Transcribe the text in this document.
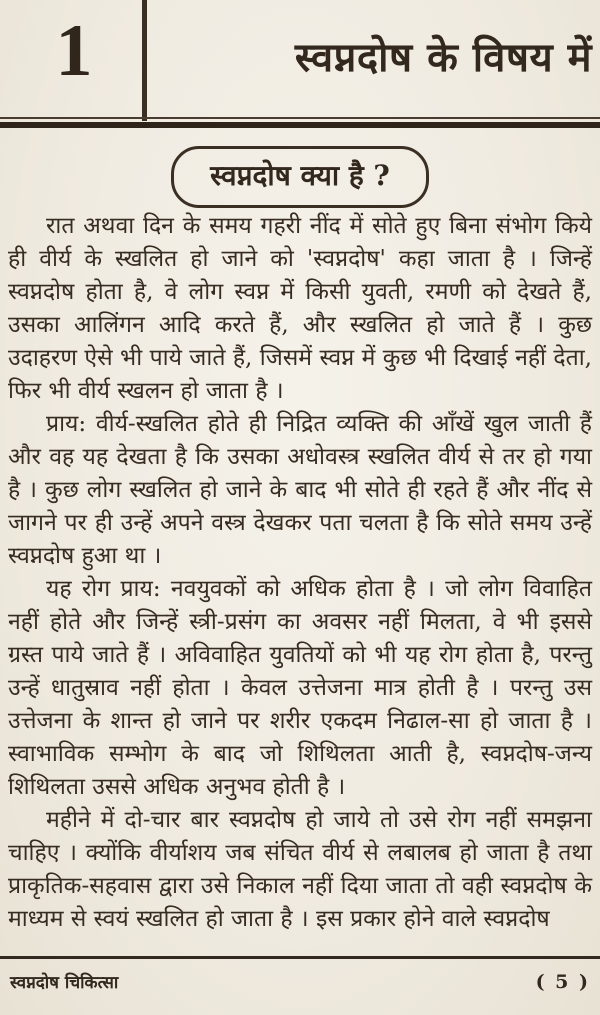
1	स्वप्नदोष के विषय में
स्वप्नदोष क्या है ?

रात अथवा दिन के समय गहरी नींद में सोते हुए बिना संभोग किये ही वीर्य के स्खलित हो जाने को 'स्वप्नदोष' कहा जाता है । जिन्हें स्वप्नदोष होता है, वे लोग स्वप्न में किसी युवती, रमणी को देखते हैं, उसका आलिंगन आदि करते हैं, और स्खलित हो जाते हैं । कुछ उदाहरण ऐसे भी पाये जाते हैं, जिसमें स्वप्न में कुछ भी दिखाई नहीं देता, फिर भी वीर्य स्खलन हो जाता है ।

प्राय: वीर्य-स्खलित होते ही निद्रित व्यक्ति की आँखें खुल जाती हैं और वह यह देखता है कि उसका अधोवस्त्र स्खलित वीर्य से तर हो गया है । कुछ लोग स्खलित हो जाने के बाद भी सोते ही रहते हैं और नींद से जागने पर ही उन्हें अपने वस्त्र देखकर पता चलता है कि सोते समय उन्हें स्वप्नदोष हुआ था ।

यह रोग प्राय: नवयुवकों को अधिक होता है । जो लोग विवाहित नहीं होते और जिन्हें स्त्री-प्रसंग का अवसर नहीं मिलता, वे भी इससे ग्रस्त पाये जाते हैं । अविवाहित युवतियों को भी यह रोग होता है, परन्तु उन्हें धातुस्राव नहीं होता । केवल उत्तेजना मात्र होती है । परन्तु उस उत्तेजना के शान्त हो जाने पर शरीर एकदम निढाल-सा हो जाता है । स्वाभाविक सम्भोग के बाद जो शिथिलता आती है, स्वप्नदोष-जन्य शिथिलता उससे अधिक अनुभव होती है ।

महीने में दो-चार बार स्वप्नदोष हो जाये तो उसे रोग नहीं समझना चाहिए । क्योंकि वीर्याशय जब संचित वीर्य से लबालब हो जाता है तथा प्राकृतिक-सहवास द्वारा उसे निकाल नहीं दिया जाता तो वही स्वप्नदोष के माध्यम से स्वयं स्खलित हो जाता है । इस प्रकार होने वाले स्वप्नदोष

स्वप्नदोष चिकित्सा	( 5 )
